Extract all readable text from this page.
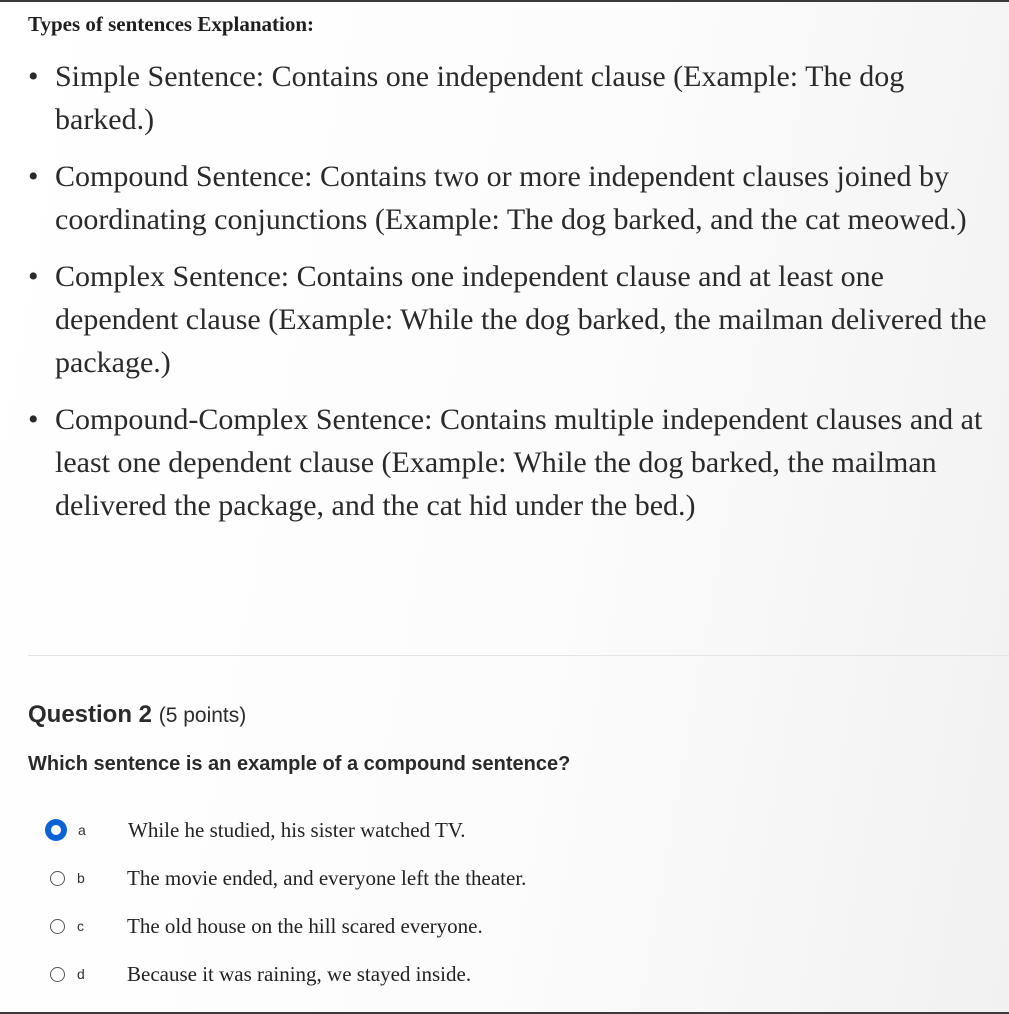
Types of sentences Explanation:
• Simple Sentence: Contains one independent clause (Example: The dog barked.)
• Compound Sentence: Contains two or more independent clauses joined by coordinating conjunctions (Example: The dog barked, and the cat meowed.)
• Complex Sentence: Contains one independent clause and at least one dependent clause (Example: While the dog barked, the mailman delivered the package.)
• Compound-Complex Sentence: Contains multiple independent clauses and at least one dependent clause (Example: While the dog barked, the mailman delivered the package, and the cat hid under the bed.)
Question 2 (5 points)
Which sentence is an example of a compound sentence?
a	While he studied, his sister watched TV.
b	The movie ended, and everyone left the theater.
c	The old house on the hill scared everyone.
d	Because it was raining, we stayed inside.
